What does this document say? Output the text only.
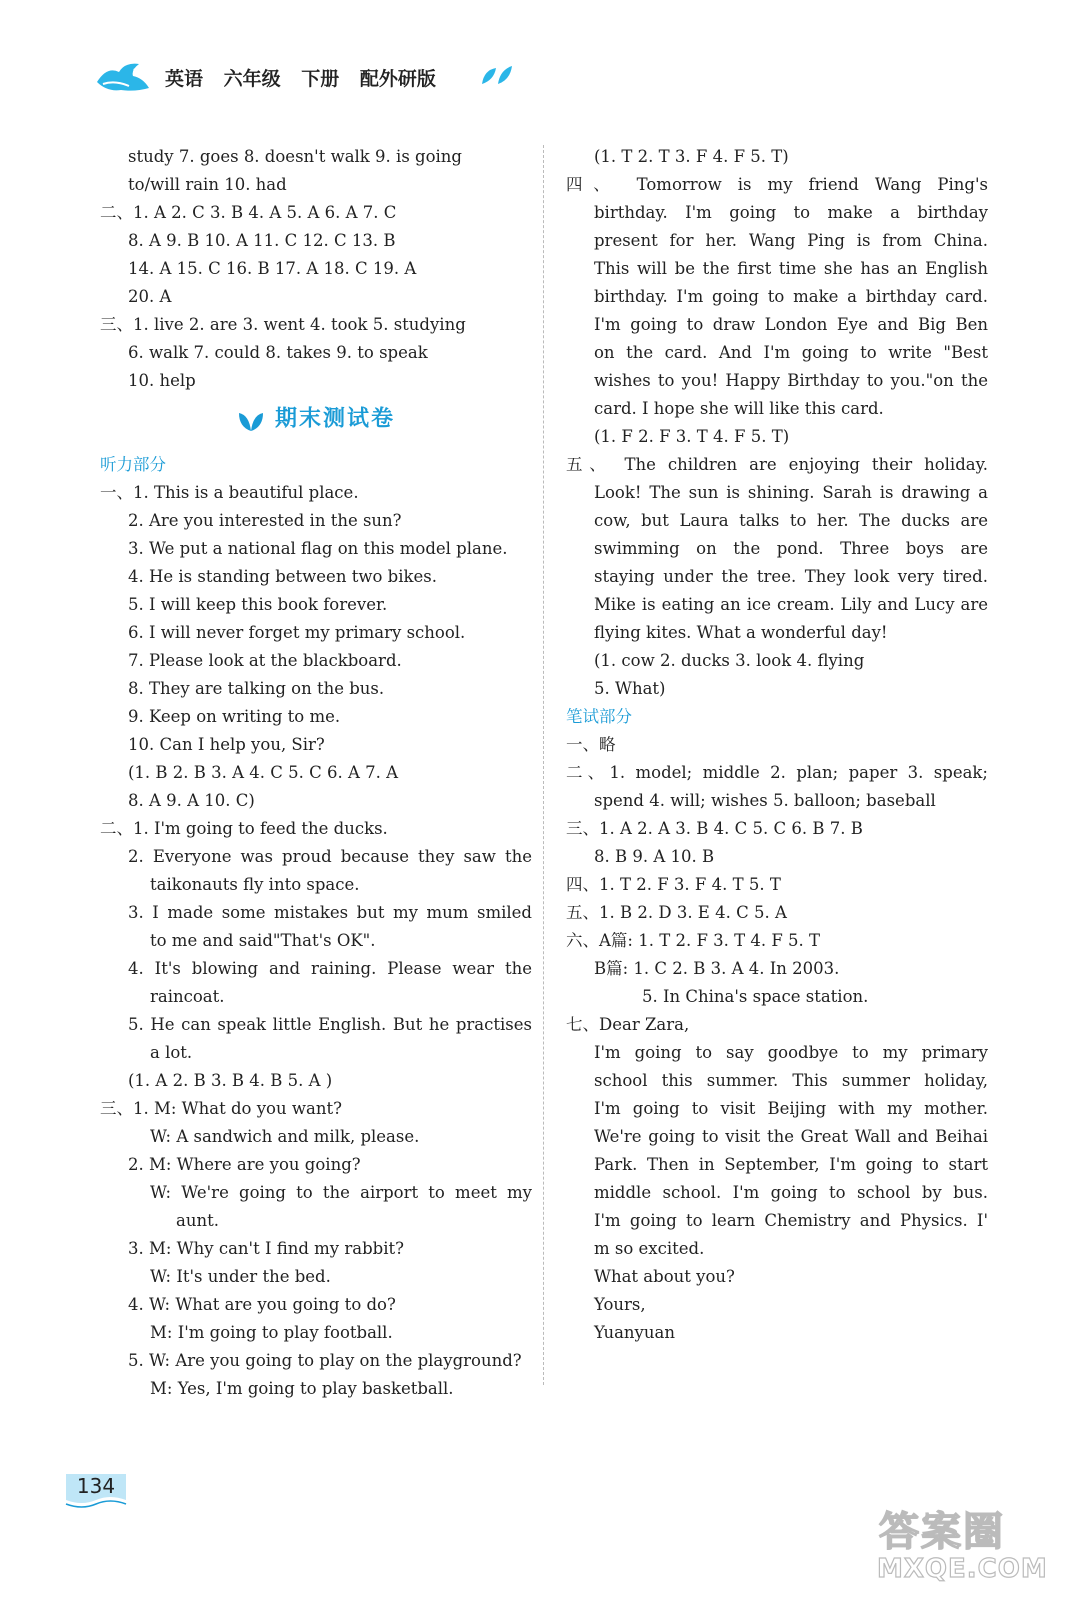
英语 六年级 下册 配外研版
study 7. goes 8. doesn't walk 9. is going
to/will rain 10. had
二、1. A 2. C 3. B 4. A 5. A 6. A 7. C
8. A 9. B 10. A 11. C 12. C 13. B
14. A 15. C 16. B 17. A 18. C 19. A
20. A
三、1. live 2. are 3. went 4. took 5. studying
6. walk 7. could 8. takes 9. to speak
10. help
期末测试卷
听力部分
一、1. This is a beautiful place.
2. Are you interested in the sun?
3. We put a national flag on this model plane.
4. He is standing between two bikes.
5. I will keep this book forever.
6. I will never forget my primary school.
7. Please look at the blackboard.
8. They are talking on the bus.
9. Keep on writing to me.
10. Can I help you, Sir?
(1. B 2. B 3. A 4. C 5. C 6. A 7. A
8. A 9. A 10. C)
二、1. I'm going to feed the ducks.
2. Everyone was proud because they saw the
taikonauts fly into space.
3. I made some mistakes but my mum smiled
to me and said"That's OK".
4. It's blowing and raining. Please wear the
raincoat.
5. He can speak little English. But he practises
a lot.
(1. A 2. B 3. B 4. B 5. A )
三、1. M: What do you want?
W: A sandwich and milk, please.
2. M: Where are you going?
W: We're going to the airport to meet my
aunt.
3. M: Why can't I find my rabbit?
W: It's under the bed.
4. W: What are you going to do?
M: I'm going to play football.
5. W: Are you going to play on the playground?
M: Yes, I'm going to play basketball.
(1. T 2. T 3. F 4. F 5. T)
四、 Tomorrow is my friend Wang Ping's
birthday. I'm going to make a birthday
present for her. Wang Ping is from China.
This will be the first time she has an English
birthday. I'm going to make a birthday card.
I'm going to draw London Eye and Big Ben
on the card. And I'm going to write "Best
wishes to you! Happy Birthday to you."on the
card. I hope she will like this card.
(1. F 2. F 3. T 4. F 5. T)
五、 The children are enjoying their holiday.
Look! The sun is shining. Sarah is drawing a
cow, but Laura talks to her. The ducks are
swimming on the pond. Three boys are
staying under the tree. They look very tired.
Mike is eating an ice cream. Lily and Lucy are
flying kites. What a wonderful day!
(1. cow 2. ducks 3. look 4. flying
5. What)
笔试部分
一、略
二、1. model; middle 2. plan; paper 3. speak;
spend 4. will; wishes 5. balloon; baseball
三、1. A 2. A 3. B 4. C 5. C 6. B 7. B
8. B 9. A 10. B
四、1. T 2. F 3. F 4. T 5. T
五、1. B 2. D 3. E 4. C 5. A
六、A篇: 1. T 2. F 3. T 4. F 5. T
B篇: 1. C 2. B 3. A 4. In 2003.
5. In China's space station.
七、Dear Zara,
I'm going to say goodbye to my primary
school this summer. This summer holiday,
I'm going to visit Beijing with my mother.
We're going to visit the Great Wall and Beihai
Park. Then in September, I'm going to start
middle school. I'm going to school by bus.
I'm going to learn Chemistry and Physics. I'
m so excited.
What about you?
Yours,
Yuanyuan
134
答案圈
MXQE.COM
